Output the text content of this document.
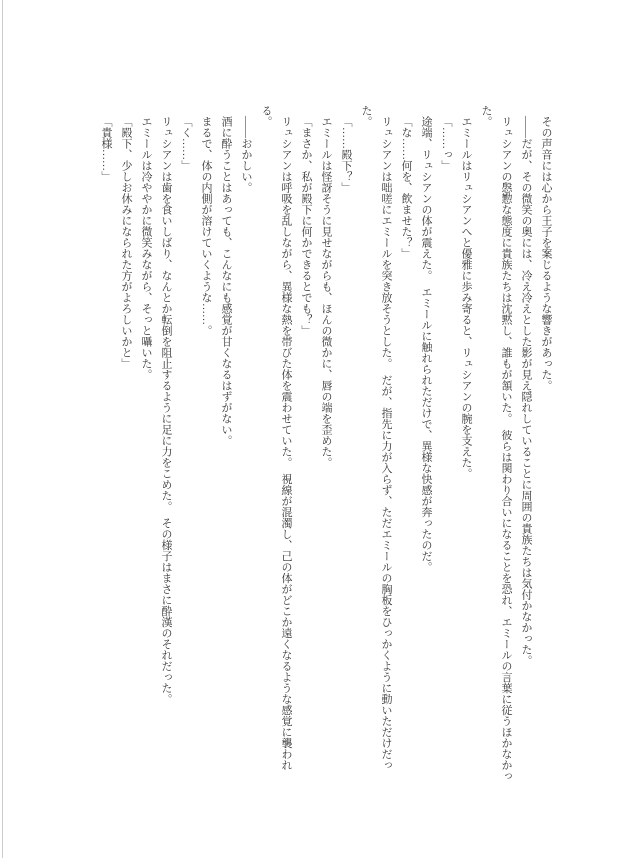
その声音には心から王子を案じるような響きがあった。

――だが、その微笑の奥には、冷え冷えとした影が見え隠れしていることに周囲の貴族たちは気付かなかった。

リュシアンの慇懃な態度に貴族たちは沈黙し、誰もが頷いた。　彼らは関わり合いになることを恐れ、エミールの言葉に従うほかなかった。

エミールはリュシアンへと優雅に歩み寄ると、リュシアンの腕を支えた。

「……っ」

途端、リュシアンの体が震えた。　エミールに触れられただけで、異様な快感が奔ったのだ。

「な……何を、飲ませた？」

リュシアンは咄嗟にエミールを突き放そうとした。　だが、指先に力が入らず、ただエミールの胸板をひっかくように動いただけだった。

「……殿下？」

エミールは怪訝そうに見せながらも、ほんの微かに、唇の端を歪めた。

「まさか、私が殿下に何かできるとでも？」

リュシアンは呼吸を乱しながら、異様な熱を帯びた体を震わせていた。　視線が混濁し、己の体がどこか遠くなるような感覚に襲われる。

――おかしい。

酒に酔うことはあっても、こんなにも感覚が甘くなるはずがない。

まるで、体の内側が溶けていくような……。

「く……」

リュシアンは歯を食いしばり、なんとか転倒を阻止するように足に力をこめた。　その様子はまさに酔漢のそれだった。

エミールは冷ややかに微笑みながら、そっと囁いた。

「殿下、少しお休みになられた方がよろしいかと」

「貴様……」
